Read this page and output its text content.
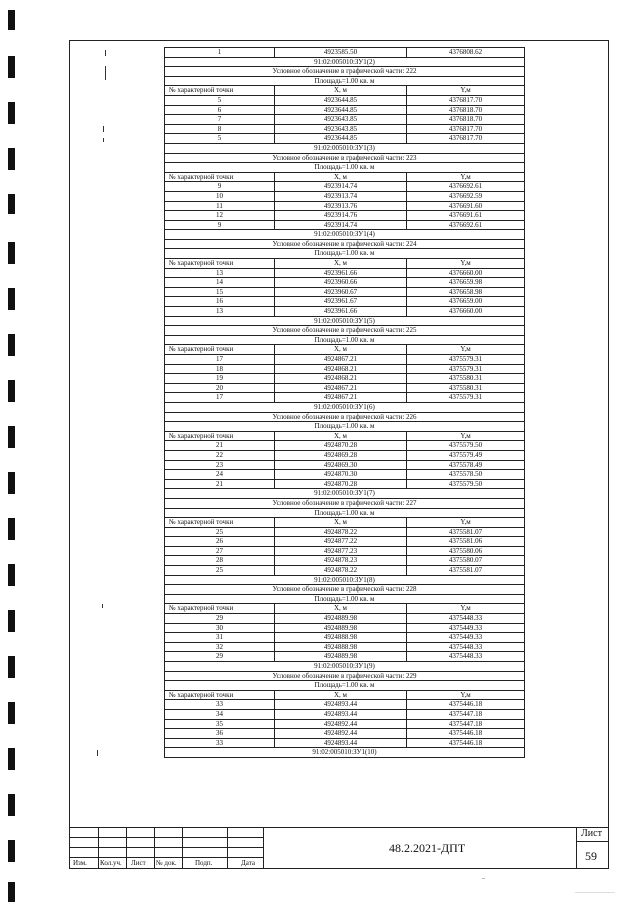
1	4923585.50	4376808.62
91:02:005010:ЗУ1(2)		
Условное обозначение в графической части: 222		
Площадь=1.00 кв. м		
№ характерной точки	X, м	Y,м
5	4923644.85	4376817.70
6	4923644.85	4376818.70
7	4923643.85	4376818.70
8	4923643.85	4376817.70
5	4923644.85	4376817.70
91:02:005010:ЗУ1(3)		
Условное обозначение в графической части: 223		
Площадь=1.00 кв. м		
№ характерной точки	X, м	Y,м
9	4923914.74	4376692.61
10	4923913.74	4376692.59
11	4923913.76	4376691.60
12	4923914.76	4376691.61
9	4923914.74	4376692.61
91:02:005010:ЗУ1(4)		
Условное обозначение в графической части: 224		
Площадь=1.00 кв. м		
№ характерной точки	X, м	Y,м
13	4923961.66	4376660.00
14	4923960.66	4376659.98
15	4923960.67	4376658.98
16	4923961.67	4376659.00
13	4923961.66	4376660.00
91:02:005010:ЗУ1(5)		
Условное обозначение в графической части: 225		
Площадь=1.00 кв. м		
№ характерной точки	X, м	Y,м
17	4924867.21	4375579.31
18	4924868.21	4375579.31
19	4924868.21	4375580.31
20	4924867.21	4375580.31
17	4924867.21	4375579.31
91:02:005010:ЗУ1(6)		
Условное обозначение в графической части: 226		
Площадь=1.00 кв. м		
№ характерной точки	X, м	Y,м
21	4924870.28	4375579.50
22	4924869.28	4375579.49
23	4924869.30	4375578.49
24	4924870.30	4375578.50
21	4924870.28	4375579.50
91:02:005010:ЗУ1(7)		
Условное обозначение в графической части: 227		
Площадь=1.00 кв. м		
№ характерной точки	X, м	Y,м
25	4924878.22	4375581.07
26	4924877.22	4375581.06
27	4924877.23	4375580.06
28	4924878.23	4375580.07
25	4924878.22	4375581.07
91:02:005010:ЗУ1(8)		
Условное обозначение в графической части: 228		
Площадь=1.00 кв. м		
№ характерной точки	X, м	Y,м
29	4924889.98	4375448.33
30	4924889.98	4375449.33
31	4924888.98	4375449.33
32	4924888.98	4375448.33
29	4924889.98	4375448.33
91:02:005010:ЗУ1(9)		
Условное обозначение в графической части: 229		
Площадь=1.00 кв. м		
№ характерной точки	X, м	Y,м
33	4924893.44	4375446.18
34	4924893.44	4375447.18
35	4924892.44	4375447.18
36	4924892.44	4375446.18
33	4924893.44	4375446.18
91:02:005010:ЗУ1(10)		
Изм. Кол.уч. Лист № док.	Подп.	Дата
48.2.2021-ДПТ
Лист
59
